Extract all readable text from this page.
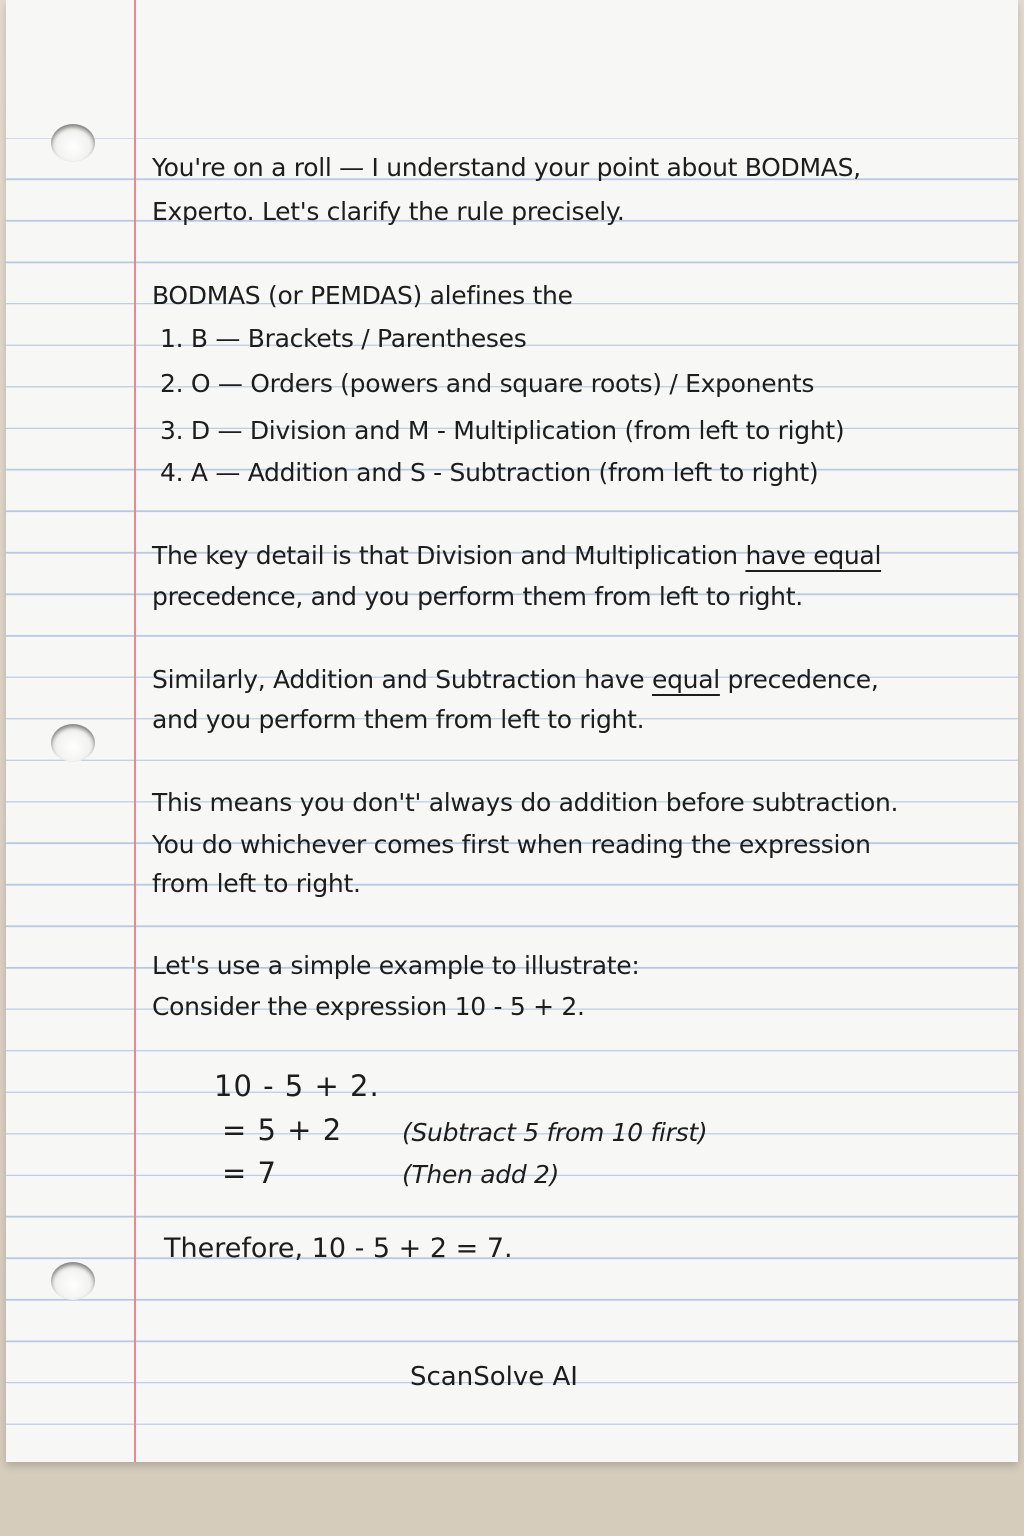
You're on a roll — I understand your point about BODMAS,
Experto. Let's clarify the rule precisely.
BODMAS (or PEMDAS) alefines the
1. B — Brackets / Parentheses
2. O — Orders (powers and square roots) / Exponents
3. D — Division and M - Multiplication (from left to right)
4. A — Addition and S - Subtraction (from left to right)
The key detail is that Division and Multiplication have equal
precedence, and you perform them from left to right.
Similarly, Addition and Subtraction have equal precedence,
and you perform them from left to right.
This means you don't' always do addition before subtraction.
You do whichever comes first when reading the expression
from left to right.
Let's use a simple example to illustrate:
Consider the expression 10 - 5 + 2.
10 - 5 + 2.
= 5 + 2 (Subtract 5 from 10 first)
= 7	(Then add 2)
Therefore, 10 - 5 + 2 = 7.
ScanSolve AI
